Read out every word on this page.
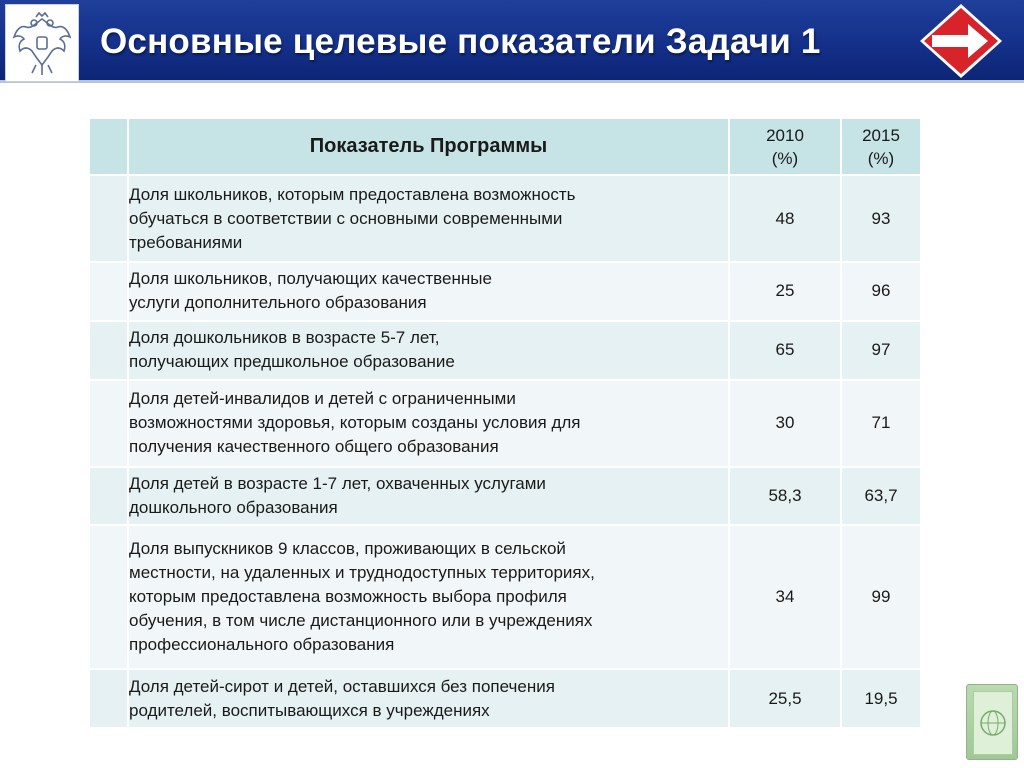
Основные целевые показатели Задачи 1
	Показатель Программы	2010
(%)	2015
(%)
	Доля школьников, которым предоставлена возможность
обучаться в соответствии с основными современными
требованиями	48	93
	Доля школьников, получающих качественные
услуги дополнительного образования	25	96
	Доля дошкольников в возрасте 5-7 лет,
получающих предшкольное образование	65	97
	Доля детей-инвалидов и детей с ограниченными
возможностями здоровья, которым созданы условия для
получения качественного общего образования	30	71
	Доля детей в возрасте 1-7 лет, охваченных услугами
дошкольного образования	58,3	63,7
	Доля выпускников 9 классов, проживающих в сельской
местности, на удаленных и труднодоступных территориях,
которым предоставлена возможность выбора профиля
обучения, в том числе дистанционного или в учреждениях
профессионального образования	34	99
	Доля детей-сирот и детей, оставшихся без попечения
родителей, воспитывающихся в учреждениях	25,5	19,5
